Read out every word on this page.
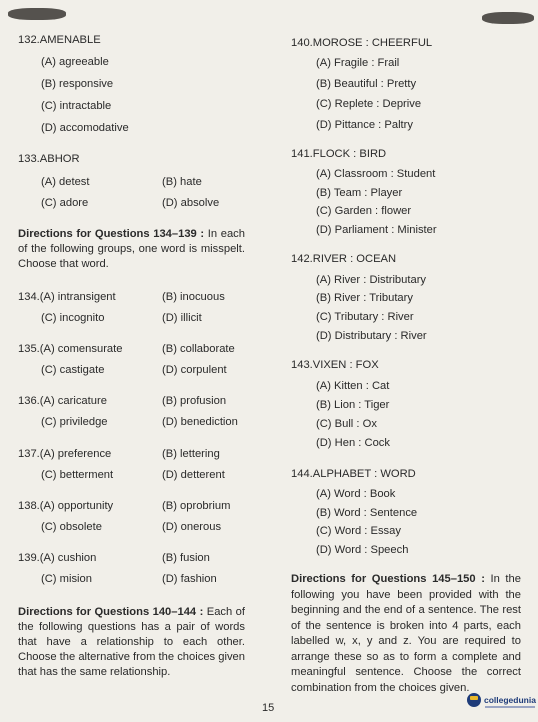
132.AMENABLE
(A) agreeable
(B) responsive
(C) intractable
(D) accomodative
133.ABHOR
(A) detest	(B) hate
(C) adore	(D) absolve
Directions for Questions 134–139 : In each of the following groups, one word is misspelt. Choose that word.
134.(A) intransigent	(B) inocuous
(C) incognito	(D) illicit
135.(A) comensurate	(B) collaborate
(C) castigate	(D) corpulent
136.(A) caricature	(B) profusion
(C) priviledge	(D) benediction
137.(A) preference	(B) lettering
(C) betterment	(D) detterent
138.(A) opportunity	(B) oprobrium
(C) obsolete	(D) onerous
139.(A) cushion	(B) fusion
(C) mision	(D) fashion
Directions for Questions 140–144 : Each of the following questions has a pair of words that have a relationship to each other. Choose the alternative from the choices given that has the same relationship.
140.MOROSE : CHEERFUL
(A) Fragile : Frail
(B) Beautiful : Pretty
(C) Replete : Deprive
(D) Pittance : Paltry
141.FLOCK : BIRD
(A) Classroom : Student
(B) Team : Player
(C) Garden : flower
(D) Parliament : Minister
142.RIVER : OCEAN
(A) River : Distributary
(B) River : Tributary
(C) Tributary : River
(D) Distributary : River
143.VIXEN : FOX
(A) Kitten : Cat
(B) Lion : Tiger
(C) Bull : Ox
(D) Hen : Cock
144.ALPHABET : WORD
(A) Word : Book
(B) Word : Sentence
(C) Word : Essay
(D) Word : Speech
Directions for Questions 145–150 : In the following you have been provided with the beginning and the end of a sentence. The rest of the sentence is broken into 4 parts, each labelled w, x, y and z. You are required to arrange these so as to form a complete and meaningful sentence. Choose the correct combination from the choices given.
15
collegedunia
